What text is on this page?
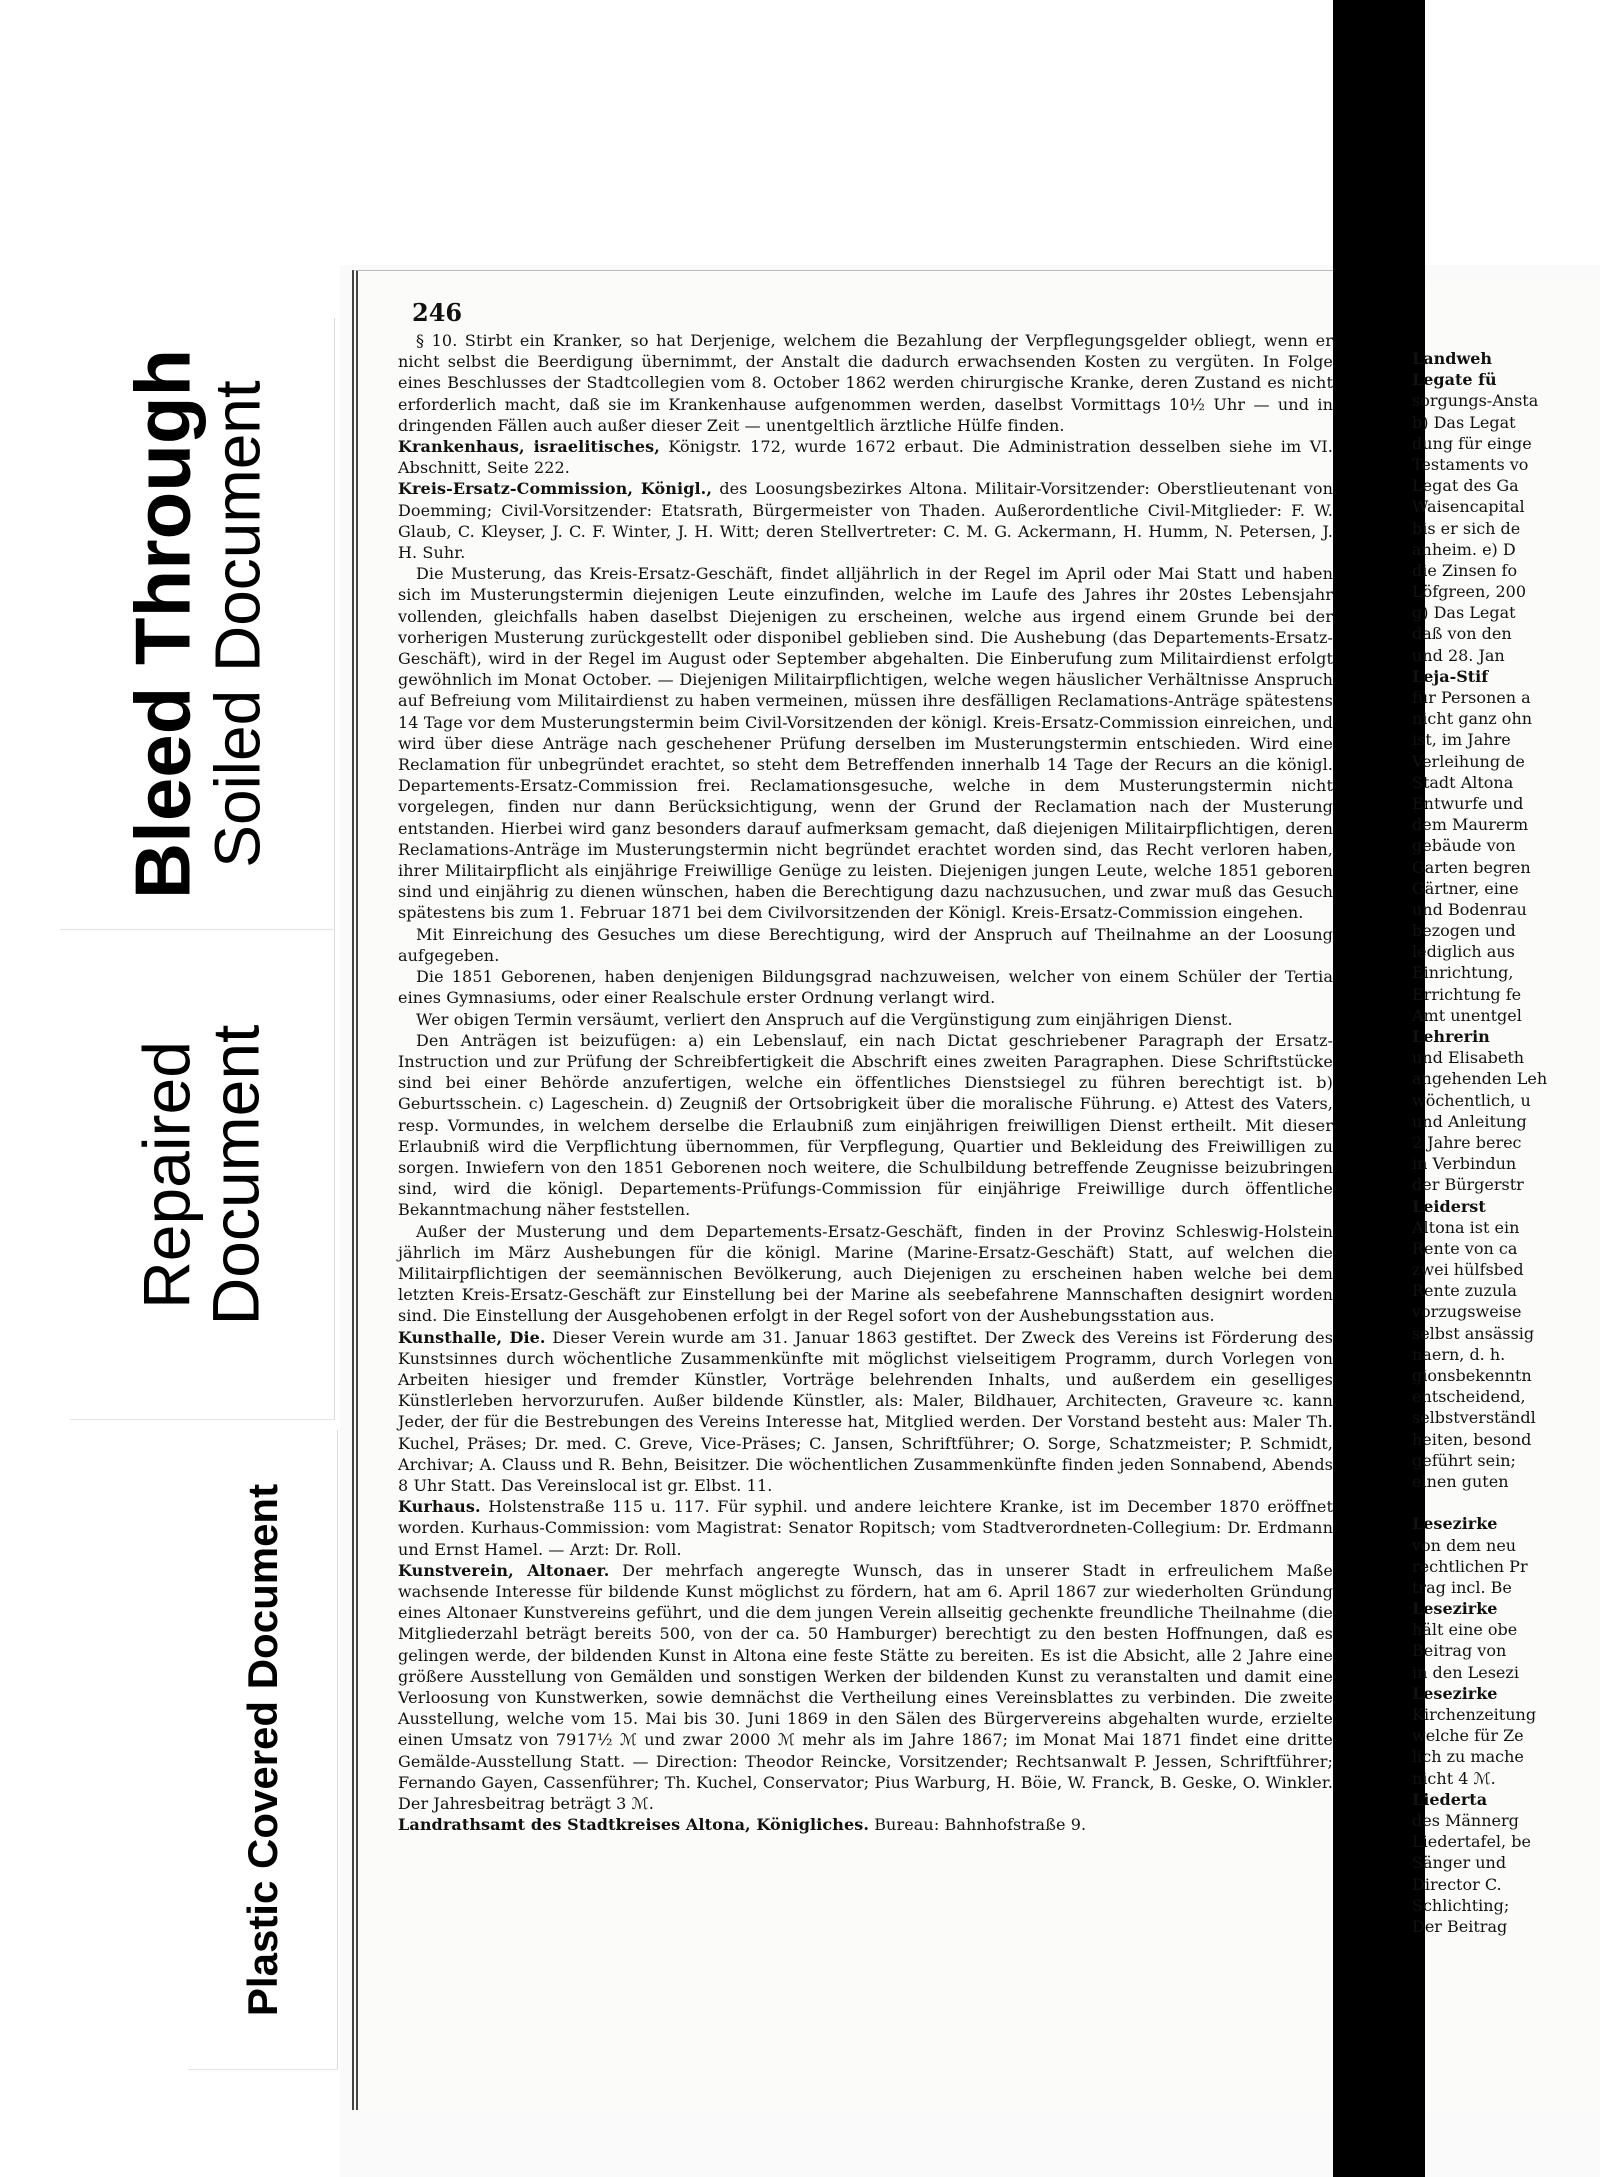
Bleed Through
Soiled Document
Repaired
Document
Plastic Covered Document
246

§ 10. Stirbt ein Kranker, so hat Derjenige, welchem die Bezahlung der Verpflegungsgelder obliegt, wenn er nicht selbst die Beerdigung übernimmt, der Anstalt die dadurch erwachsenden Kosten zu vergüten. In Folge eines Beschlusses der Stadtcollegien vom 8. October 1862 werden chirurgische Kranke, deren Zustand es nicht erforderlich macht, daß sie im Krankenhause aufgenommen werden, daselbst Vormittags 10½ Uhr — und in dringenden Fällen auch außer dieser Zeit — unentgeltlich ärztliche Hülfe finden.

Krankenhaus, israelitisches, Königstr. 172, wurde 1672 erbaut. Die Administration desselben siehe im VI. Abschnitt, Seite 222.

Kreis-Ersatz-Commission, Königl., des Loosungsbezirkes Altona. Militair-Vorsitzender: Oberstlieutenant von Doemming; Civil-Vorsitzender: Etatsrath, Bürgermeister von Thaden. Außerordentliche Civil-Mitglieder: F. W. Glaub, C. Kleyser, J. C. F. Winter, J. H. Witt; deren Stellvertreter: C. M. G. Ackermann, H. Humm, N. Petersen, J. H. Suhr.

Die Musterung, das Kreis-Ersatz-Geschäft, findet alljährlich in der Regel im April oder Mai Statt und haben sich im Musterungstermin diejenigen Leute einzufinden, welche im Laufe des Jahres ihr 20stes Lebensjahr vollenden, gleichfalls haben daselbst Diejenigen zu erscheinen, welche aus irgend einem Grunde bei der vorherigen Musterung zurückgestellt oder disponibel geblieben sind. Die Aushebung (das Departements-Ersatz-Geschäft), wird in der Regel im August oder September abgehalten. Die Einberufung zum Militairdienst erfolgt gewöhnlich im Monat October. — Diejenigen Militairpflichtigen, welche wegen häuslicher Verhältnisse Anspruch auf Befreiung vom Militairdienst zu haben vermeinen, müssen ihre desfälligen Reclamations-Anträge spätestens 14 Tage vor dem Musterungstermin beim Civil-Vorsitzenden der königl. Kreis-Ersatz-Commission einreichen, und wird über diese Anträge nach geschehener Prüfung derselben im Musterungstermin entschieden. Wird eine Reclamation für unbegründet erachtet, so steht dem Betreffenden innerhalb 14 Tage der Recurs an die königl. Departements-Ersatz-Commission frei. Reclamationsgesuche, welche in dem Musterungstermin nicht vorgelegen, finden nur dann Berücksichtigung, wenn der Grund der Reclamation nach der Musterung entstanden. Hierbei wird ganz besonders darauf aufmerksam gemacht, daß diejenigen Militairpflichtigen, deren Reclamations-Anträge im Musterungstermin nicht begründet erachtet worden sind, das Recht verloren haben, ihrer Militairpflicht als einjährige Freiwillige Genüge zu leisten. Diejenigen jungen Leute, welche 1851 geboren sind und einjährig zu dienen wünschen, haben die Berechtigung dazu nachzusuchen, und zwar muß das Gesuch spätestens bis zum 1. Februar 1871 bei dem Civilvorsitzenden der Königl. Kreis-Ersatz-Commission eingehen.

Mit Einreichung des Gesuches um diese Berechtigung, wird der Anspruch auf Theilnahme an der Loosung aufgegeben.

Die 1851 Geborenen, haben denjenigen Bildungsgrad nachzuweisen, welcher von einem Schüler der Tertia eines Gymnasiums, oder einer Realschule erster Ordnung verlangt wird.

Wer obigen Termin versäumt, verliert den Anspruch auf die Vergünstigung zum einjährigen Dienst.

Den Anträgen ist beizufügen: a) ein Lebenslauf, ein nach Dictat geschriebener Paragraph der Ersatz-Instruction und zur Prüfung der Schreibfertigkeit die Abschrift eines zweiten Paragraphen. Diese Schriftstücke sind bei einer Behörde anzufertigen, welche ein öffentliches Dienstsiegel zu führen berechtigt ist. b) Geburtsschein. c) Lageschein. d) Zeugniß der Ortsobrigkeit über die moralische Führung. e) Attest des Vaters, resp. Vormundes, in welchem derselbe die Erlaubniß zum einjährigen freiwilligen Dienst ertheilt. Mit dieser Erlaubniß wird die Verpflichtung übernommen, für Verpflegung, Quartier und Bekleidung des Freiwilligen zu sorgen. Inwiefern von den 1851 Geborenen noch weitere, die Schulbildung betreffende Zeugnisse beizubringen sind, wird die königl. Departements-Prüfungs-Commission für einjährige Freiwillige durch öffentliche Bekanntmachung näher feststellen.

Außer der Musterung und dem Departements-Ersatz-Geschäft, finden in der Provinz Schleswig-Holstein jährlich im März Aushebungen für die königl. Marine (Marine-Ersatz-Geschäft) Statt, auf welchen die Militairpflichtigen der seemännischen Bevölkerung, auch Diejenigen zu erscheinen haben welche bei dem letzten Kreis-Ersatz-Geschäft zur Einstellung bei der Marine als seebefahrene Mannschaften designirt worden sind. Die Einstellung der Ausgehobenen erfolgt in der Regel sofort von der Aushebungsstation aus.

Kunsthalle, Die. Dieser Verein wurde am 31. Januar 1863 gestiftet. Der Zweck des Vereins ist Förderung des Kunstsinnes durch wöchentliche Zusammenkünfte mit möglichst vielseitigem Programm, durch Vorlegen von Arbeiten hiesiger und fremder Künstler, Vorträge belehrenden Inhalts, und außerdem ein geselliges Künstlerleben hervorzurufen. Außer bildende Künstler, als: Maler, Bildhauer, Architecten, Graveure ꝛc. kann Jeder, der für die Bestrebungen des Vereins Interesse hat, Mitglied werden. Der Vorstand besteht aus: Maler Th. Kuchel, Präses; Dr. med. C. Greve, Vice-Präses; C. Jansen, Schriftführer; O. Sorge, Schatzmeister; P. Schmidt, Archivar; A. Clauss und R. Behn, Beisitzer. Die wöchentlichen Zusammenkünfte finden jeden Sonnabend, Abends 8 Uhr Statt. Das Vereinslocal ist gr. Elbst. 11.

Kurhaus. Holstenstraße 115 u. 117. Für syphil. und andere leichtere Kranke, ist im December 1870 eröffnet worden. Kurhaus-Commission: vom Magistrat: Senator Ropitsch; vom Stadtverordneten-Collegium: Dr. Erdmann und Ernst Hamel. — Arzt: Dr. Roll.

Kunstverein, Altonaer. Der mehrfach angeregte Wunsch, das in unserer Stadt in erfreulichem Maße wachsende Interesse für bildende Kunst möglichst zu fördern, hat am 6. April 1867 zur wiederholten Gründung eines Altonaer Kunstvereins geführt, und die dem jungen Verein allseitig gechenkte freundliche Theilnahme (die Mitgliederzahl beträgt bereits 500, von der ca. 50 Hamburger) berechtigt zu den besten Hoffnungen, daß es gelingen werde, der bildenden Kunst in Altona eine feste Stätte zu bereiten. Es ist die Absicht, alle 2 Jahre eine größere Ausstellung von Gemälden und sonstigen Werken der bildenden Kunst zu veranstalten und damit eine Verloosung von Kunstwerken, sowie demnächst die Vertheilung eines Vereinsblattes zu verbinden. Die zweite Ausstellung, welche vom 15. Mai bis 30. Juni 1869 in den Sälen des Bürgervereins abgehalten wurde, erzielte einen Umsatz von 7917½ ℳ und zwar 2000 ℳ mehr als im Jahre 1867; im Monat Mai 1871 findet eine dritte Gemälde-Ausstellung Statt. — Direction: Theodor Reincke, Vorsitzender; Rechtsanwalt P. Jessen, Schriftführer; Fernando Gayen, Cassenführer; Th. Kuchel, Conservator; Pius Warburg, H. Böie, W. Franck, B. Geske, O. Winkler. Der Jahresbeitrag beträgt 3 ℳ.

Landrathsamt des Stadtkreises Altona, Königliches. Bureau: Bahnhofstraße 9.

Landweh
Legate fü
sorgungs-Ansta
b) Das Legat
dung für einge
Testaments vo
Legat des Ga
Waisencapital
bis er sich de
anheim. e) D
die Zinsen fo
Löfgreen, 200
g) Das Legat
daß von den
und 28. Jan
Leja-Stif
für Personen a
nicht ganz ohn
ist, im Jahre
Verleihung de
Stadt Altona
Entwurfe und
dem Maurerm
gebäude von
Garten begren
Gärtner, eine
und Bodenrau
bezogen und
lediglich aus
Einrichtung,
Errichtung fe
Amt unentgel
Lehrerin
und Elisabeth
angehenden Leh
wöchentlich, u
und Anleitung
2 Jahre berec
in Verbindun
der Bürgerstr
Leiderst
Altona ist ein
Rente von ca
zwei hülfsbed
Rente zuzula
vorzugsweise
selbst ansässig
naern, d. h.
gionsbekenntn
entscheidend,
selbstverständl
heiten, besond
geführt sein;
einen guten

Lesezirke
von dem neu
rechtlichen Pr
trag incl. Be
Lesezirke
hält eine obe
Beitrag von
in den Lesezi
Lesezirke
Kirchenzeitung
welche für Ze
lich zu mache
nicht 4 ℳ.
Liederta
des Männerg
Liedertafel, be
Sänger und
Director C.
Schlichting;
Der Beitrag
